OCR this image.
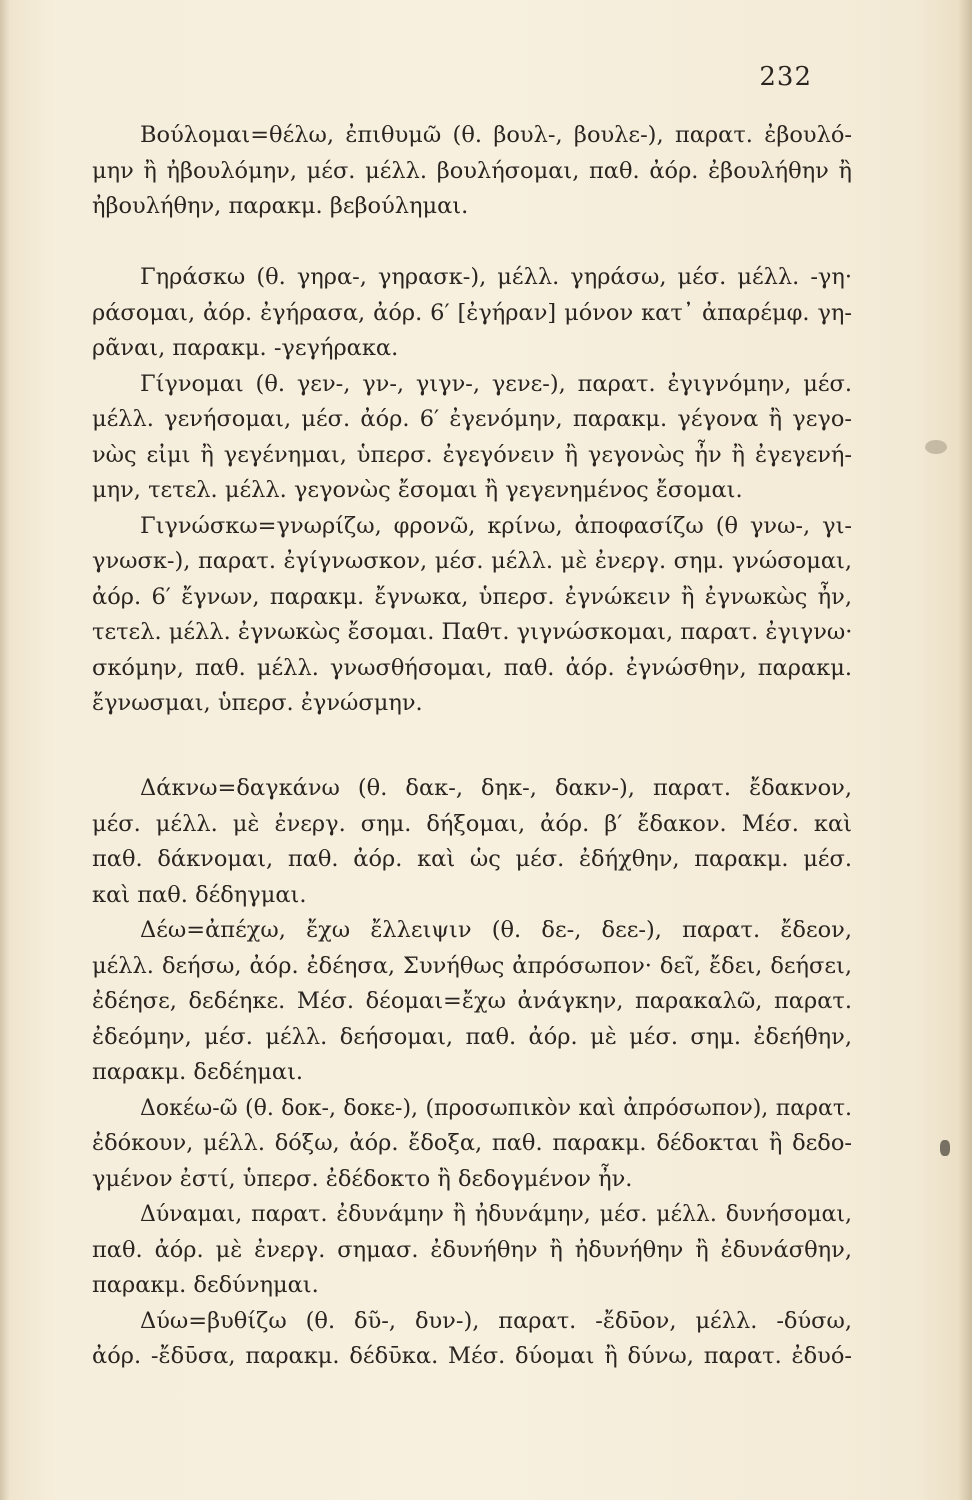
232
Βούλομαι=θέλω, ἐπιθυμῶ (θ. βουλ-, βουλε-), παρατ. ἐβουλό-
μην ἢ ἠβουλόμην, μέσ. μέλλ. βουλήσομαι, παθ. ἀόρ. ἐβουλήθην ἢ
ἠβουλήθην, παρακμ. βεβούλημαι.
Γηράσκω (θ. γηρα-, γηρασκ-), μέλλ. γηράσω, μέσ. μέλλ. -γη·
ράσομαι, ἀόρ. ἐγήρασα, ἀόρ. 6′ [ἐγήραν] μόνον κατ᾽ ἀπαρέμφ. γη-
ρᾶναι, παρακμ. -γεγήρακα.
Γίγνομαι (θ. γεν-, γν-, γιγν-, γενε-), παρατ. ἐγιγνόμην, μέσ.
μέλλ. γενήσομαι, μέσ. ἀόρ. 6′ ἐγενόμην, παρακμ. γέγονα ἢ γεγο-
νὼς εἰμι ἢ γεγένημαι, ὑπερσ. ἐγεγόνειν ἢ γεγονὼς ἦν ἢ ἐγεγενή-
μην, τετελ. μέλλ. γεγονὼς ἔσομαι ἢ γεγενημένος ἔσομαι.
Γιγνώσκω=γνωρίζω, φρονῶ, κρίνω, ἀποφασίζω (θ γνω-, γι-
γνωσκ-), παρατ. ἐγίγνωσκον, μέσ. μέλλ. μὲ ἐνεργ. σημ. γνώσομαι,
ἀόρ. 6′ ἔγνων, παρακμ. ἔγνωκα, ὑπερσ. ἐγνώκειν ἢ ἐγνωκὼς ἦν,
τετελ. μέλλ. ἐγνωκὼς ἔσομαι. Παθτ. γιγνώσκομαι, παρατ. ἐγιγνω·
σκόμην, παθ. μέλλ. γνωσθήσομαι, παθ. ἀόρ. ἐγνώσθην, παρακμ.
ἔγνωσμαι, ὑπερσ. ἐγνώσμην.
Δάκνω=δαγκάνω (θ. δακ-, δηκ-, δακν-), παρατ. ἔδακνον,
μέσ. μέλλ. μὲ ἐνεργ. σημ. δήξομαι, ἀόρ. β′ ἔδακον. Μέσ. καὶ
παθ. δάκνομαι, παθ. ἀόρ. καὶ ὡς μέσ. ἐδήχθην, παρακμ. μέσ.
καὶ παθ. δέδηγμαι.
Δέω=ἀπέχω, ἔχω ἔλλειψιν (θ. δε-, δεε-), παρατ. ἔδεον,
μέλλ. δεήσω, ἀόρ. ἐδέησα, Συνήθως ἀπρόσωπον· δεῖ, ἔδει, δεήσει,
ἐδέησε, δεδέηκε. Μέσ. δέομαι=ἔχω ἀνάγκην, παρακαλῶ, παρατ.
ἐδεόμην, μέσ. μέλλ. δεήσομαι, παθ. ἀόρ. μὲ μέσ. σημ. ἐδεήθην,
παρακμ. δεδέημαι.
Δοκέω-ῶ (θ. δοκ-, δοκε-), (προσωπικὸν καὶ ἀπρόσωπον), παρατ.
ἐδόκουν, μέλλ. δόξω, ἀόρ. ἔδοξα, παθ. παρακμ. δέδοκται ἢ δεδο-
γμένον ἐστί, ὑπερσ. ἐδέδοκτο ἢ δεδογμένον ἦν.
Δύναμαι, παρατ. ἐδυνάμην ἢ ἠδυνάμην, μέσ. μέλλ. δυνήσομαι,
παθ. ἀόρ. μὲ ἐνεργ. σημασ. ἐδυνήθην ἢ ἠδυνήθην ἢ ἐδυνάσθην,
παρακμ. δεδύνημαι.
Δύω=βυθίζω (θ. δῦ-, δυν-), παρατ. -ἔδῡον, μέλλ. -δύσω,
ἀόρ. -ἔδῡσα, παρακμ. δέδῡκα. Μέσ. δύομαι ἢ δύνω, παρατ. ἐδυό-
